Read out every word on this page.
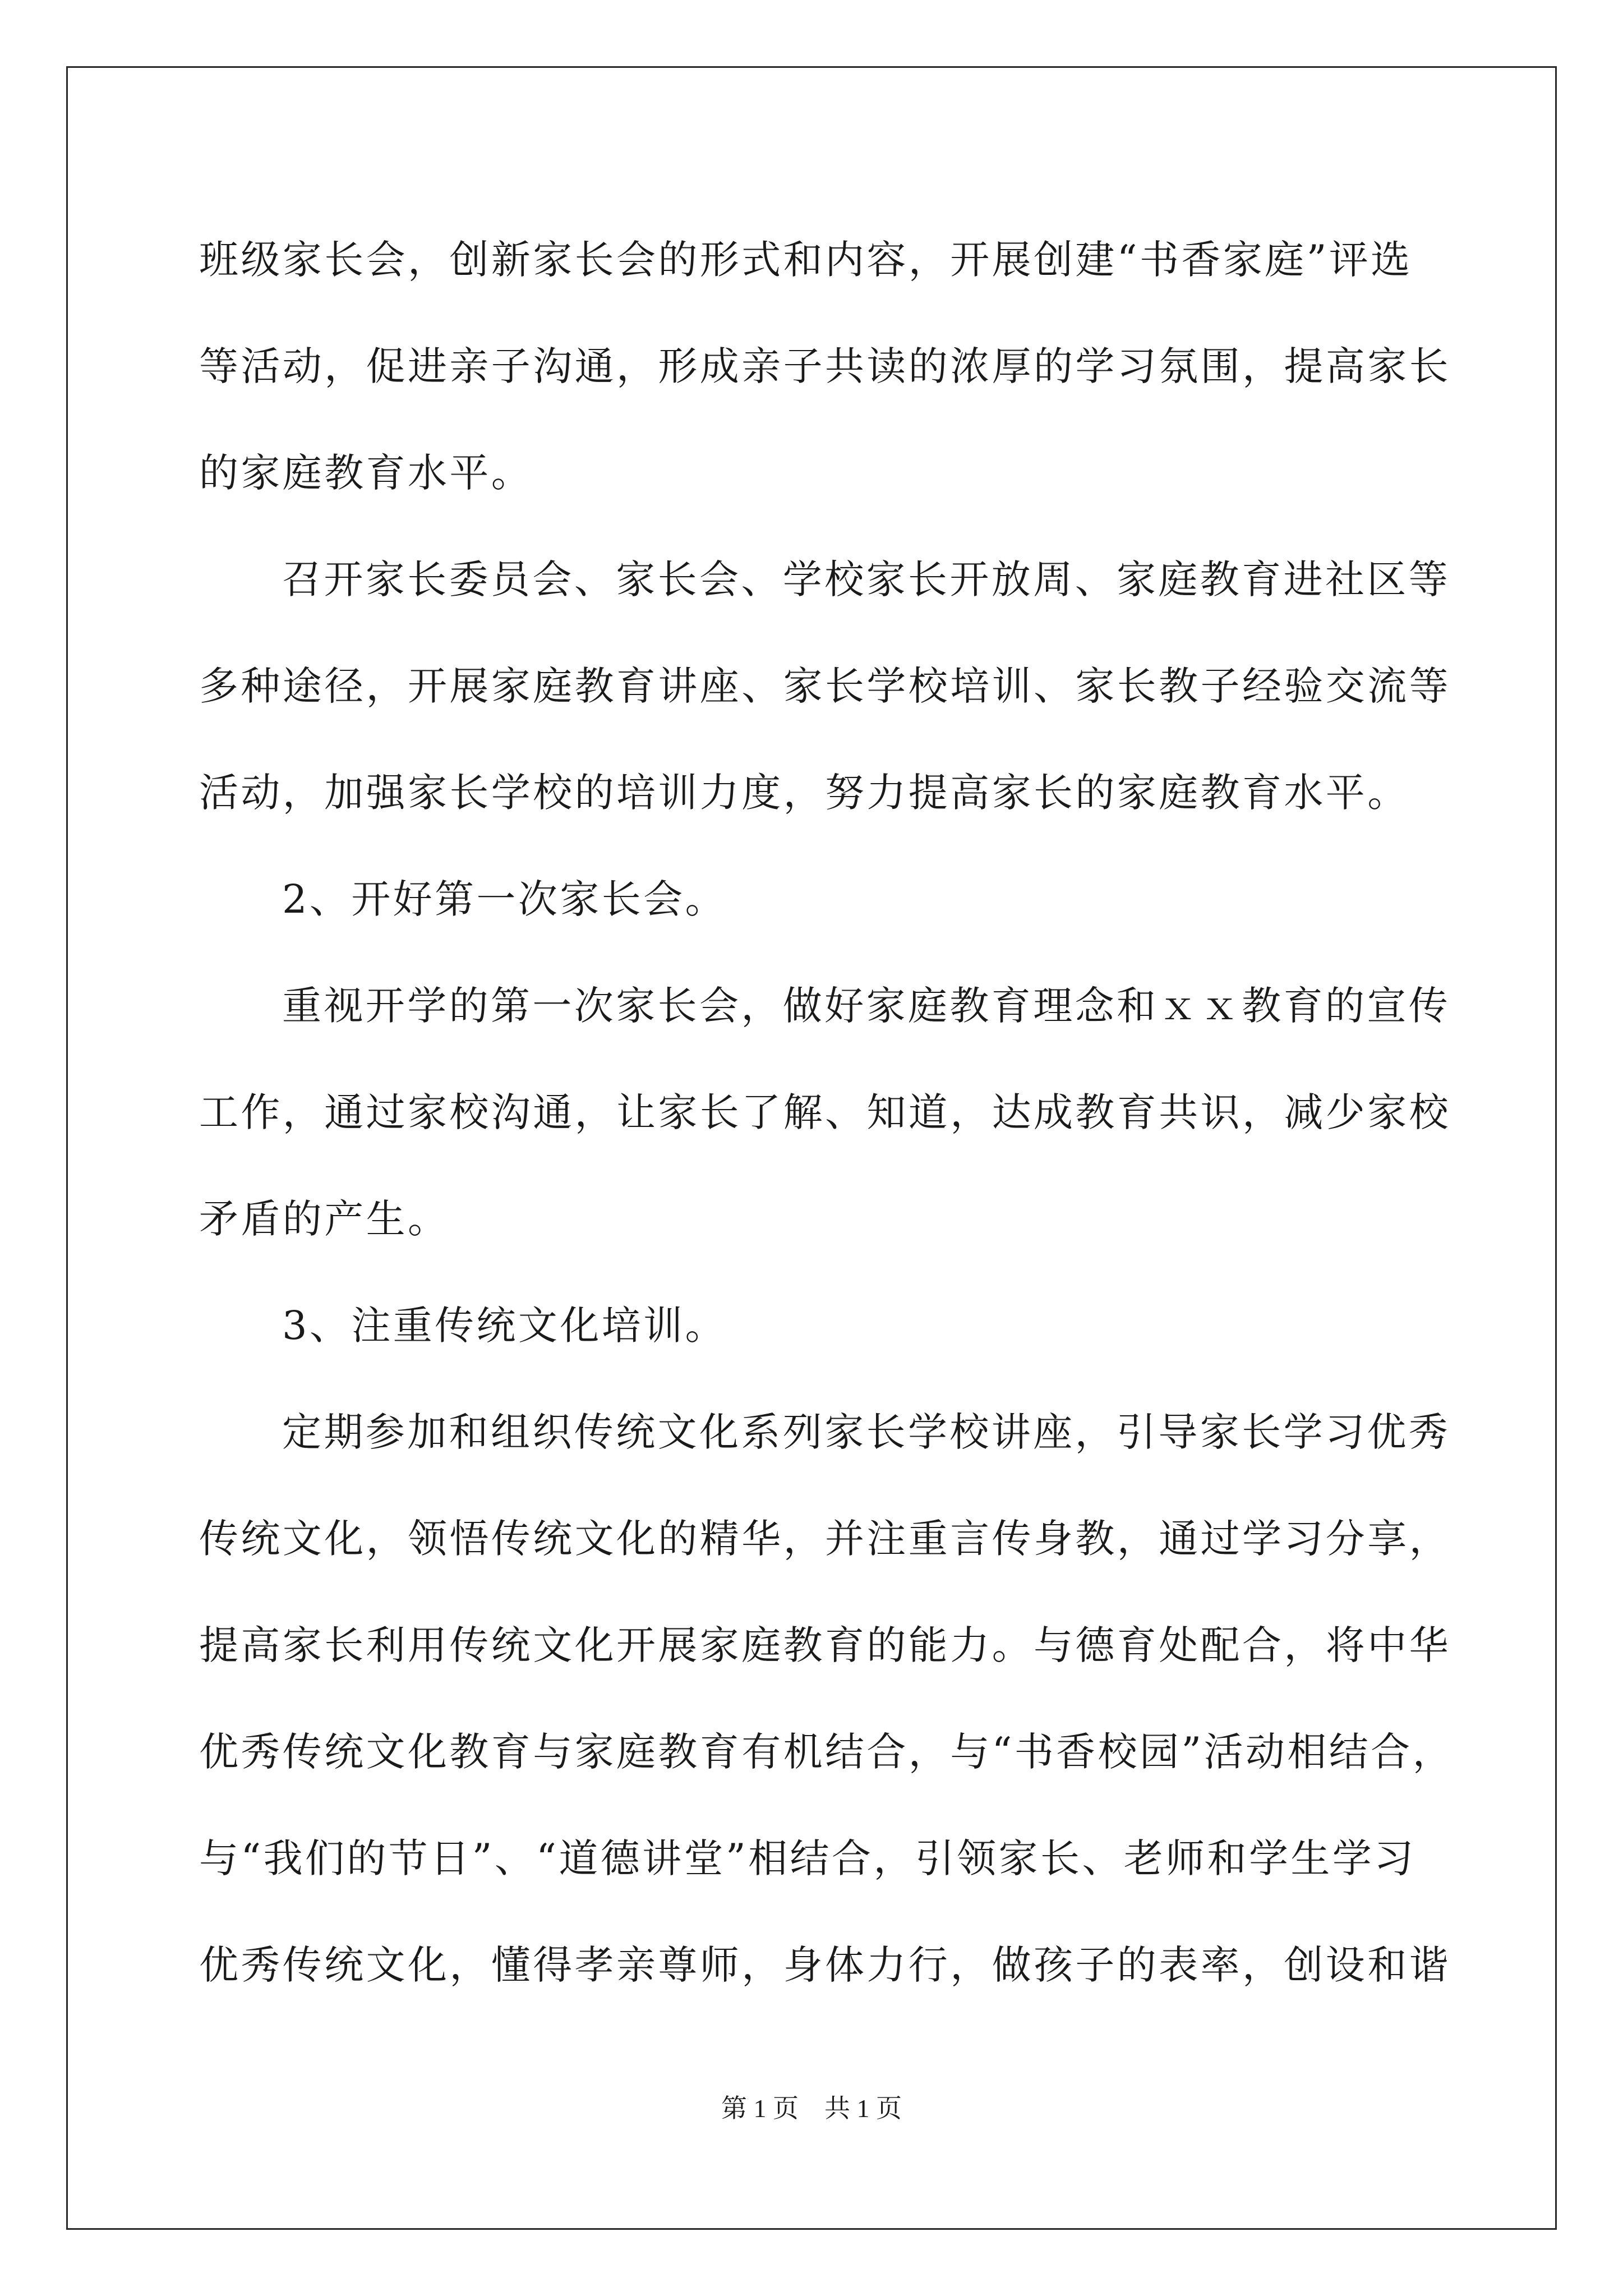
班级家长会，创新家长会的形式和内容，开展创建“书香家庭”评选
等活动，促进亲子沟通，形成亲子共读的浓厚的学习氛围，提高家长
的家庭教育水平。
召开家长委员会、家长会、学校家长开放周、家庭教育进社区等
多种途径，开展家庭教育讲座、家长学校培训、家长教子经验交流等
活动，加强家长学校的培训力度，努力提高家长的家庭教育水平。
2、开好第一次家长会。
重视开学的第一次家长会，做好家庭教育理念和ｘｘ教育的宣传
工作，通过家校沟通，让家长了解、知道，达成教育共识，减少家校
矛盾的产生。
3、注重传统文化培训。
定期参加和组织传统文化系列家长学校讲座，引导家长学习优秀
传统文化，领悟传统文化的精华，并注重言传身教，通过学习分享，
提高家长利用传统文化开展家庭教育的能力。与德育处配合，将中华
优秀传统文化教育与家庭教育有机结合，与“书香校园”活动相结合，
与“我们的节日”、“道德讲堂”相结合，引领家长、老师和学生学习
优秀传统文化，懂得孝亲尊师，身体力行，做孩子的表率，创设和谐
第 1 页    共 1 页
